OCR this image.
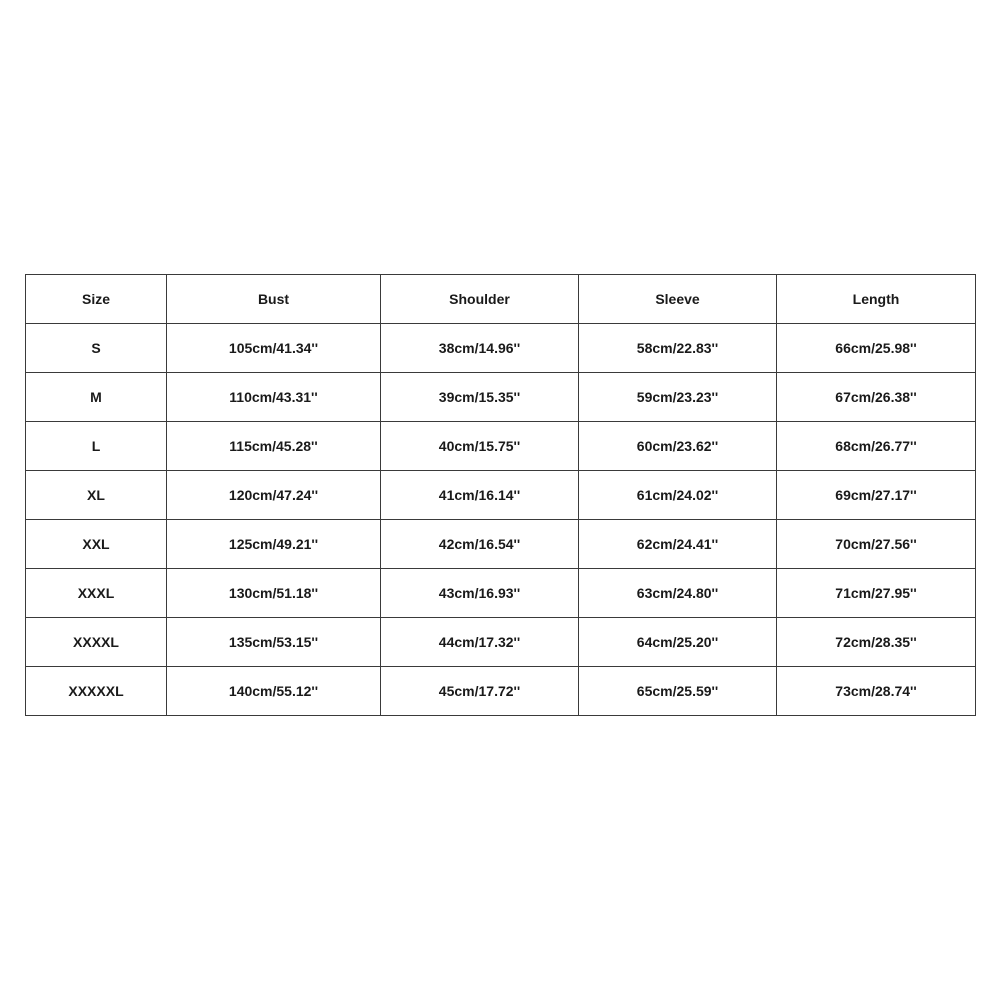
Size	Bust	Shoulder	Sleeve	Length
S	105cm/41.34''	38cm/14.96''	58cm/22.83''	66cm/25.98''
M	110cm/43.31''	39cm/15.35''	59cm/23.23''	67cm/26.38''
L	115cm/45.28''	40cm/15.75''	60cm/23.62''	68cm/26.77''
XL	120cm/47.24''	41cm/16.14''	61cm/24.02''	69cm/27.17''
XXL	125cm/49.21''	42cm/16.54''	62cm/24.41''	70cm/27.56''
XXXL	130cm/51.18''	43cm/16.93''	63cm/24.80''	71cm/27.95''
XXXXL	135cm/53.15''	44cm/17.32''	64cm/25.20''	72cm/28.35''
XXXXXL	140cm/55.12''	45cm/17.72''	65cm/25.59''	73cm/28.74''
